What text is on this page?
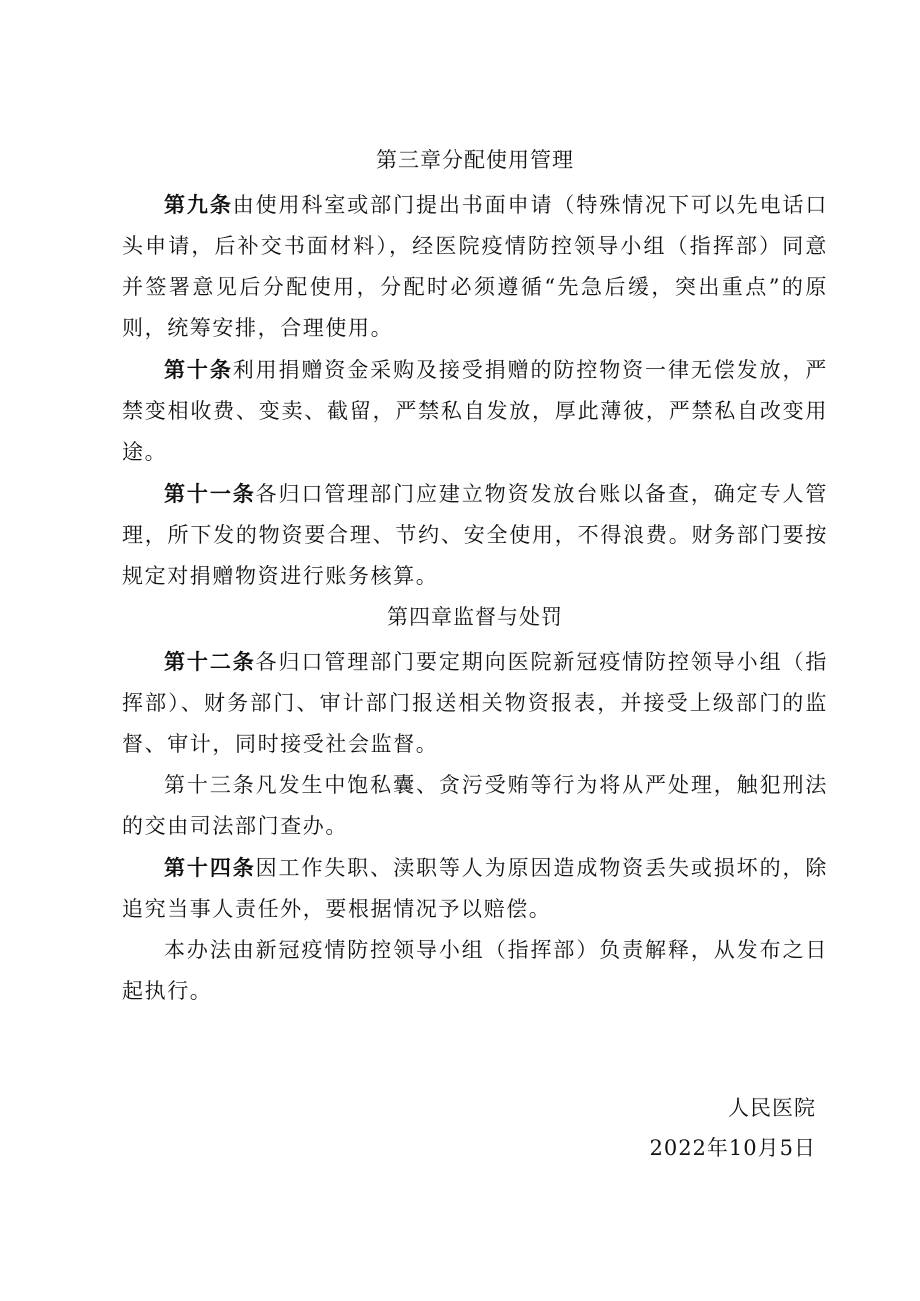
第三章分配使用管理

第九条由使用科室或部门提出书面申请（特殊情况下可以先电话口头申请，后补交书面材料），经医院疫情防控领导小组（指挥部）同意并签署意见后分配使用，分配时必须遵循“先急后缓，突出重点”的原则，统筹安排，合理使用。

第十条利用捐赠资金采购及接受捐赠的防控物资一律无偿发放，严禁变相收费、变卖、截留，严禁私自发放，厚此薄彼，严禁私自改变用途。

第十一条各归口管理部门应建立物资发放台账以备查，确定专人管理，所下发的物资要合理、节约、安全使用，不得浪费。财务部门要按规定对捐赠物资进行账务核算。

第四章监督与处罚

第十二条各归口管理部门要定期向医院新冠疫情防控领导小组（指挥部）、财务部门、审计部门报送相关物资报表，并接受上级部门的监督、审计，同时接受社会监督。

第十三条凡发生中饱私囊、贪污受贿等行为将从严处理，触犯刑法的交由司法部门查办。

第十四条因工作失职、渎职等人为原因造成物资丢失或损坏的，除追究当事人责任外，要根据情况予以赔偿。

本办法由新冠疫情防控领导小组（指挥部）负责解释，从发布之日起执行。

人民医院
2022年10月5日
